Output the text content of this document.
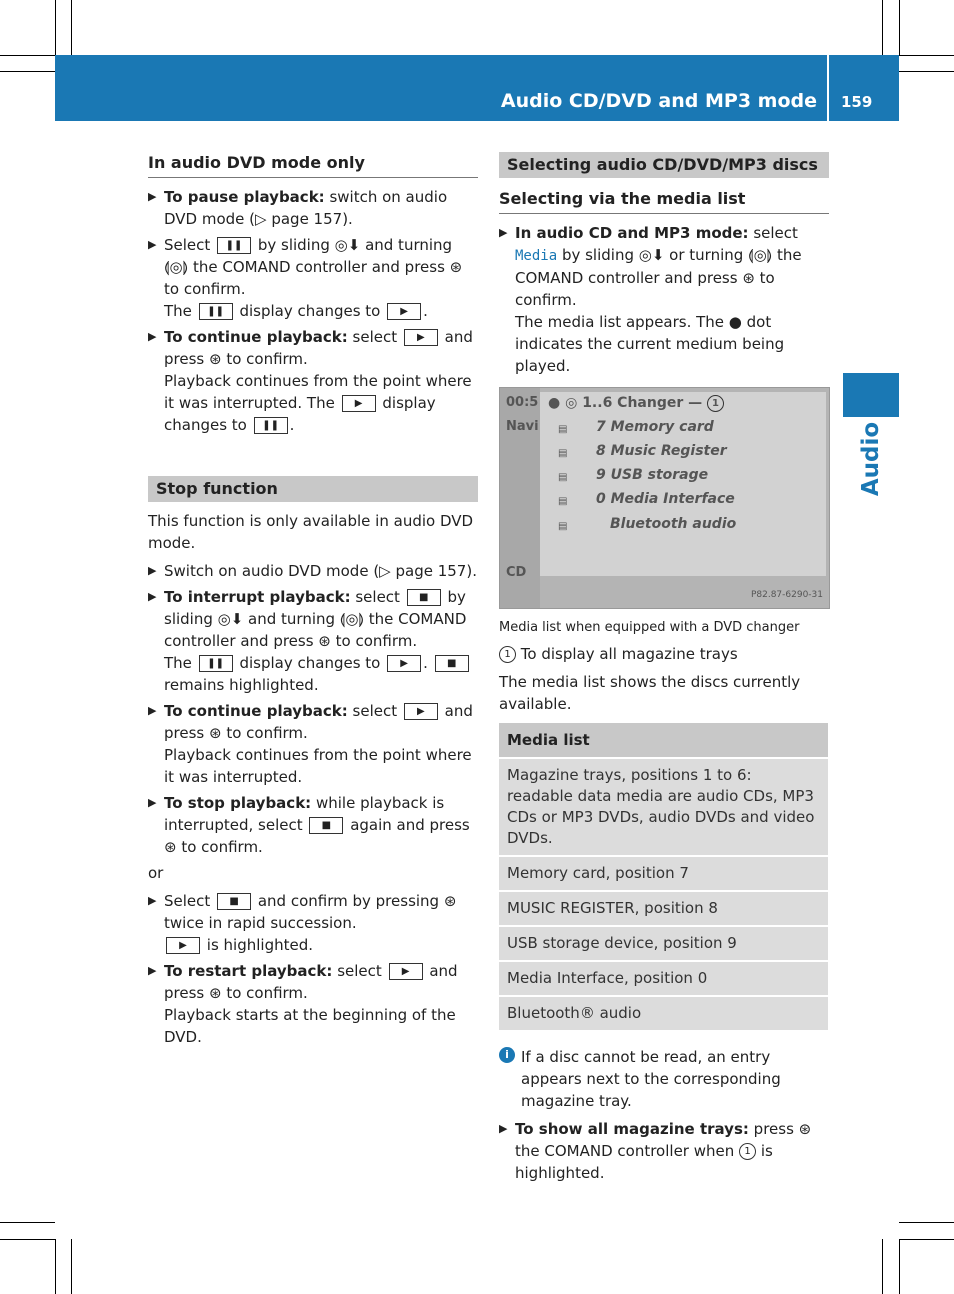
Audio CD/DVD and MP3 mode 159
Audio
In audio DVD mode only
▶ To pause playback: switch on audio DVD mode (▷ page 157).

▶ Select ❚❚ by sliding ◎⬇ and turning ⟬◎⟭ the COMAND controller and press ⊛ to confirm.

The ❚❚ display changes to ▶ .

▶ To continue playback: select ▶ and press ⊛ to confirm.

Playback continues from the point where it was interrupted. The ▶ display changes to ❚❚ .

Stop function

This function is only available in audio DVD mode.

▶ Switch on audio DVD mode (▷ page 157).

▶ To interrupt playback: select ■ by sliding ◎⬇ and turning ⟬◎⟭ the COMAND controller and press ⊛ to confirm.

The ❚❚ display changes to ▶ . ■ remains highlighted.

▶ To continue playback: select ▶ and press ⊛ to confirm.

Playback continues from the point where it was interrupted.

▶ To stop playback: while playback is interrupted, select ■ again and press ⊛ to confirm.

or

▶ Select ■ and confirm by pressing ⊛ twice in rapid succession.

▶ is highlighted.

▶ To restart playback: select ▶ and press ⊛ to confirm.

Playback starts at the beginning of the DVD.

Selecting audio CD/DVD/MP3 discs
Selecting via the media list
▶ In audio CD and MP3 mode: select Media by sliding ◎⬇ or turning ⟬◎⟭ the COMAND controller and press ⊛ to confirm.

The media list appears. The ● dot indicates the current medium being played.

00:5
Navi
CD
● ◎ 1..6 Changer — 1
▤ 7 Memory card
▤ 8 Music Register
▤ 9 USB storage
▤ 0 Media Interface
▤	Bluetooth audio
P82.87-6290-31

Media list when equipped with a DVD changer

1 To display all magazine trays

The media list shows the discs currently available.

Media list
Magazine trays, positions 1 to 6: readable data media are audio CDs, MP3 CDs or MP3 DVDs, audio DVDs and video DVDs.
Memory card, position 7
MUSIC REGISTER, position 8
USB storage device, position 9
Media Interface, position 0
Bluetooth® audio
i If a disc cannot be read, an entry appears next to the corresponding magazine tray.

▶ To show all magazine trays: press ⊛ the COMAND controller when 1 is highlighted.
